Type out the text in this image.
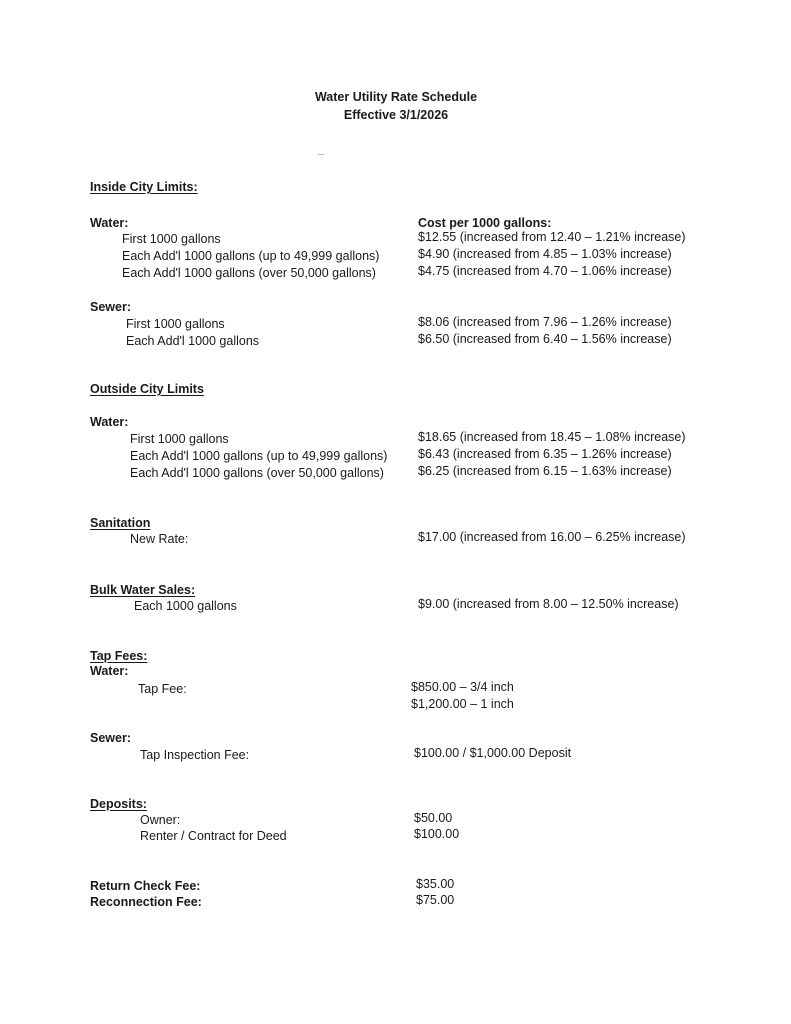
Water Utility Rate Schedule
Effective 3/1/2026
Inside City Limits:
Water:	Cost per 1000 gallons:
First 1000 gallons	$12.55 (increased from 12.40 – 1.21% increase)
Each Add'l 1000 gallons (up to 49,999 gallons)	$4.90 (increased from 4.85 – 1.03% increase)
Each Add'l 1000 gallons (over 50,000 gallons)	$4.75 (increased from 4.70 – 1.06% increase)
Sewer:
First 1000 gallons	$8.06 (increased from 7.96 – 1.26% increase)
Each Add'l 1000 gallons	$6.50 (increased from 6.40 – 1.56% increase)
Outside City Limits
Water:
First 1000 gallons	$18.65 (increased from 18.45 – 1.08% increase)
Each Add'l 1000 gallons (up to 49,999 gallons) $6.43 (increased from 6.35 – 1.26% increase)
Each Add'l 1000 gallons (over 50,000 gallons)	$6.25 (increased from 6.15 – 1.63% increase)
Sanitation
New Rate:	$17.00 (increased from 16.00 – 6.25% increase)
Bulk Water Sales:
Each 1000 gallons	$9.00 (increased from 8.00 – 12.50% increase)
Tap Fees:
Water:
Tap Fee:	$850.00 – 3/4 inch
$1,200.00 – 1 inch
Sewer:
Tap Inspection Fee:	$100.00 / $1,000.00 Deposit
Deposits:
Owner:	$50.00
Renter / Contract for Deed	$100.00
Return Check Fee:	$35.00
Reconnection Fee:	$75.00
